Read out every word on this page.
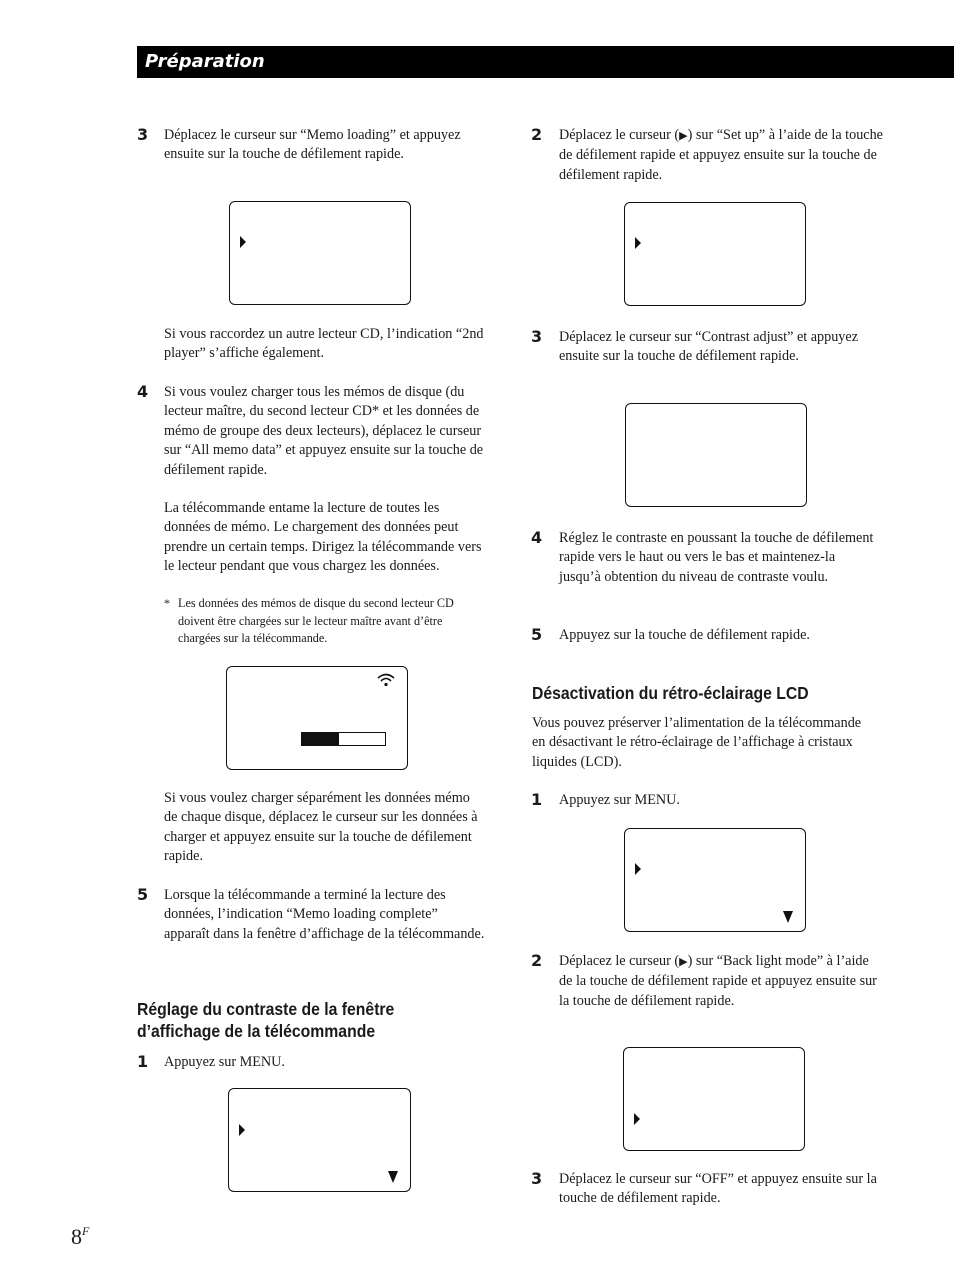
Préparation
3 Déplacez le curseur sur “Memo loading” et appuyez ensuite sur la touche de défilement rapide.
Si vous raccordez un autre lecteur CD, l’indication “2nd player” s’affiche également.
4 Si vous voulez charger tous les mémos de disque (du lecteur maître, du second lecteur CD* et les données de mémo de groupe des deux lecteurs), déplacez le curseur sur “All memo data” et appuyez ensuite sur la touche de défilement rapide.
La télécommande entame la lecture de toutes les données de mémo. Le chargement des données peut prendre un certain temps. Dirigez la télécommande vers le lecteur pendant que vous chargez les données.
* Les données des mémos de disque du second lecteur CD doivent être chargées sur le lecteur maître avant d’être chargées sur la télécommande.
Si vous voulez charger séparément les données mémo de chaque disque, déplacez le curseur sur les données à charger et appuyez ensuite sur la touche de défilement rapide.
5 Lorsque la télécommande a terminé la lecture des données, l’indication “Memo loading complete” apparaît dans la fenêtre d’affichage de la télécommande.
Réglage du contraste de la fenêtre d’affichage de la télécommande
1 Appuyez sur MENU.
2 Déplacez le curseur (▶) sur “Set up” à l’aide de la touche de défilement rapide et appuyez ensuite sur la touche de défilement rapide.
3 Déplacez le curseur sur “Contrast adjust” et appuyez ensuite sur la touche de défilement rapide.
4 Réglez le contraste en poussant la touche de défilement rapide vers le haut ou vers le bas et maintenez-la jusqu’à obtention du niveau de contraste voulu.
5 Appuyez sur la touche de défilement rapide.
Désactivation du rétro-éclairage LCD
Vous pouvez préserver l’alimentation de la télécommande en désactivant le rétro-éclairage de l’affichage à cristaux liquides (LCD).
1 Appuyez sur MENU.
2 Déplacez le curseur (▶) sur “Back light mode” à l’aide de la touche de défilement rapide et appuyez ensuite sur la touche de défilement rapide.
3 Déplacez le curseur sur “OFF” et appuyez ensuite sur la touche de défilement rapide.
$8^F$
